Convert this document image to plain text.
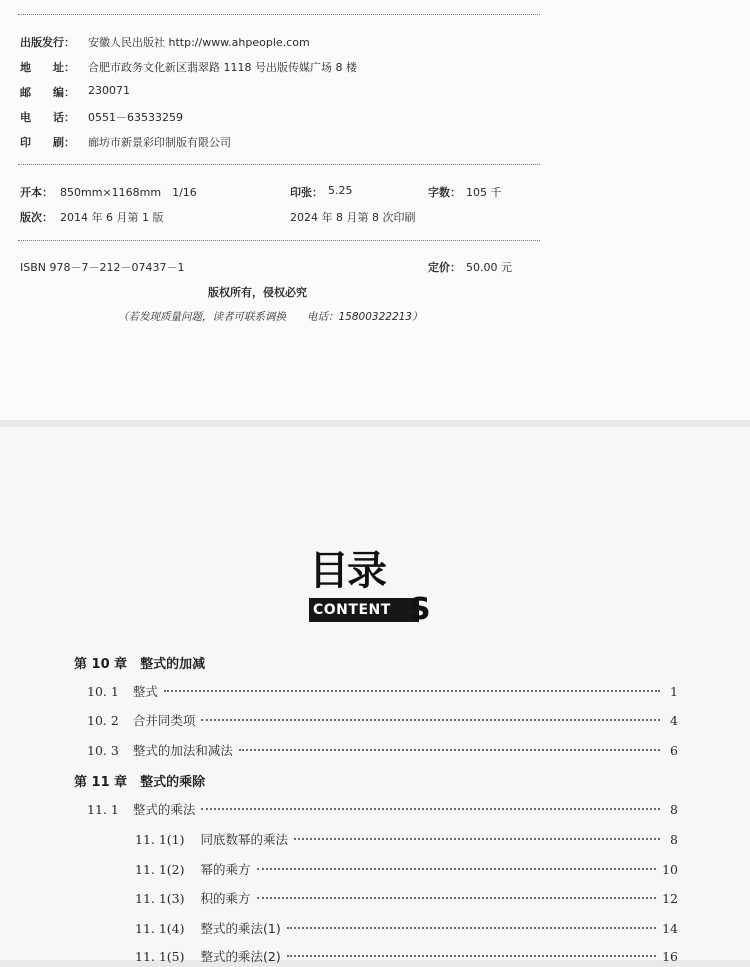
出版发行： 安徽人民出版社 http://www.ahpeople.com
地　　址： 合肥市政务文化新区翡翠路 1118 号出版传媒广场 8 楼
邮　　编： 230071
电　　话： 0551－63533259
印　　刷： 廊坊市新景彩印制版有限公司
开本： 850mm×1168mm　1/16	印张： 5.25	字数： 105 千
版次： 2014 年 6 月第 1 版	2024 年 8 月第 8 次印刷
ISBN 978－7－212－07437－1	定价： 50.00 元
版权所有，侵权必究
（若发现质量问题，读者可联系调换　　电话：15800322213）
目录
CONTENT S
第 10 章　整式的加减
10. 1 整式	1
10. 2 合并同类项	4
10. 3 整式的加法和减法	6
第 11 章　整式的乘除
11. 1 整式的乘法	8
11. 1(1) 同底数幂的乘法	8
11. 1(2) 幂的乘方	10
11. 1(3) 积的乘方	12
11. 1(4) 整式的乘法(1)	14
11. 1(5) 整式的乘法(2)	16
